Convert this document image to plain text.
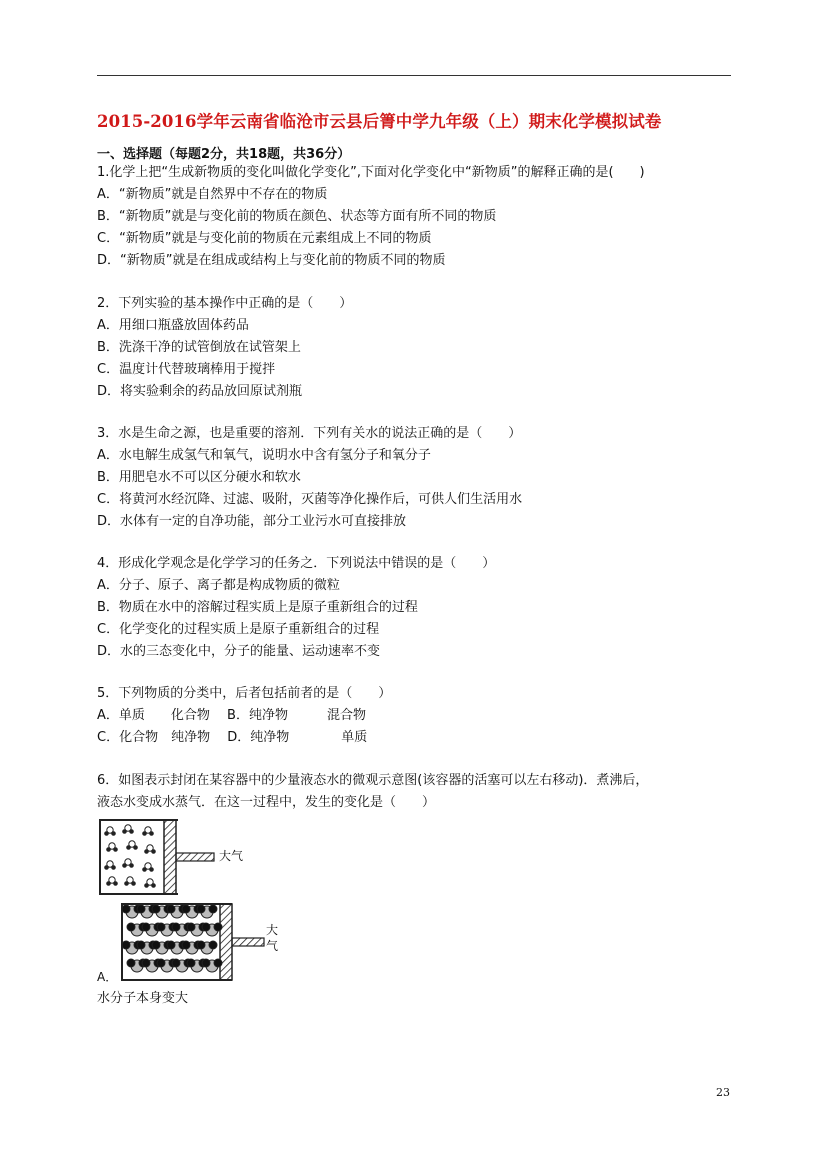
2015-2016学年云南省临沧市云县后箐中学九年级（上）期末化学模拟试卷
一、选择题（每题2分，共18题，共36分）
1.化学上把“生成新物质的变化叫做化学变化”,下面对化学变化中“新物质”的解释正确的是(　　)
A．“新物质”就是自然界中不存在的物质
B．“新物质”就是与变化前的物质在颜色、状态等方面有所不同的物质
C．“新物质”就是与变化前的物质在元素组成上不同的物质
D．“新物质”就是在组成或结构上与变化前的物质不同的物质
2．下列实验的基本操作中正确的是（　　）
A．用细口瓶盛放固体药品
B．洗涤干净的试管倒放在试管架上
C．温度计代替玻璃棒用于搅拌
D．将实验剩余的药品放回原试剂瓶
3．水是生命之源，也是重要的溶剂．下列有关水的说法正确的是（　　）
A．水电解生成氢气和氧气，说明水中含有氢分子和氧分子
B．用肥皂水不可以区分硬水和软水
C．将黄河水经沉降、过滤、吸附，灭菌等净化操作后，可供人们生活用水
D．水体有一定的自净功能，部分工业污水可直接排放
4．形成化学观念是化学学习的任务之．下列说法中错误的是（　　）
A．分子、原子、离子都是构成物质的微粒
B．物质在水中的溶解过程实质上是原子重新组合的过程
C．化学变化的过程实质上是原子重新组合的过程
D．水的三态变化中，分子的能量、运动速率不变
5．下列物质的分类中，后者包括前者的是（　　）
A．单质　　化合物　 B．纯净物　　　混合物
C．化合物　纯净物　 D．纯净物　　　　单质
6．如图表示封闭在某容器中的少量液态水的微观示意图(该容器的活塞可以左右移动)．煮沸后，
液态水变成水蒸气．在这一过程中，发生的变化是（　　）
大气
大
气
A．
水分子本身变大
23
